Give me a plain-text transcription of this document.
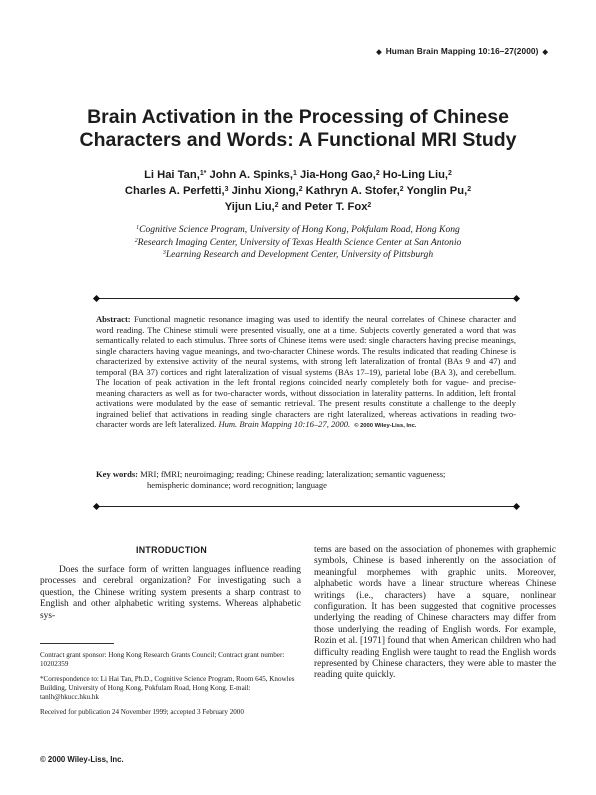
◆ Human Brain Mapping 10:16–27(2000) ◆
Brain Activation in the Processing of Chinese
Characters and Words: A Functional MRI Study
Li Hai Tan,$^{1*}$ John A. Spinks,$^1$ Jia-Hong Gao,$^2$ Ho-Ling Liu,$^2$
Charles A. Perfetti,$^3$ Jinhu Xiong,$^2$ Kathryn A. Stofer,$^2$ Yonglin Pu,$^2$
Yijun Liu,$^2$ and Peter T. Fox$^2$
$^1$Cognitive Science Program, University of Hong Kong, Pokfulam Road, Hong Kong
$^2$Research Imaging Center, University of Texas Health Science Center at San Antonio
$^3$Learning Research and Development Center, University of Pittsburgh
Abstract: Functional magnetic resonance imaging was used to identify the neural correlates of Chinese character and word reading. The Chinese stimuli were presented visually, one at a time. Subjects covertly generated a word that was semantically related to each stimulus. Three sorts of Chinese items were used: single characters having precise meanings, single characters having vague meanings, and two-character Chinese words. The results indicated that reading Chinese is characterized by extensive activity of the neural systems, with strong left lateralization of frontal (BAs 9 and 47) and temporal (BA 37) cortices and right lateralization of visual systems (BAs 17–19), parietal lobe (BA 3), and cerebellum. The location of peak activation in the left frontal regions coincided nearly completely both for vague- and precise-meaning characters as well as for two-character words, without dissociation in laterality patterns. In addition, left frontal activations were modulated by the ease of semantic retrieval. The present results constitute a challenge to the deeply ingrained belief that activations in reading single characters are right lateralized, whereas activations in reading two-character words are left lateralized. Hum. Brain Mapping 10:16–27, 2000. © 2000 Wiley-Liss, Inc.
Key words: MRI; fMRI; neuroimaging; reading; Chinese reading; lateralization; semantic vagueness;
hemispheric dominance; word recognition; language
INTRODUCTION

Does the surface form of written languages influence reading processes and cerebral organization? For investigating such a question, the Chinese writing system presents a sharp contrast to English and other alphabetic writing systems. Whereas alphabetic sys-

tems are based on the association of phonemes with graphemic symbols, Chinese is based inherently on the association of meaningful morphemes with graphic units. Moreover, alphabetic words have a linear structure whereas Chinese writings (i.e., characters) have a square, nonlinear configuration. It has been suggested that cognitive processes underlying the reading of Chinese characters may differ from those underlying the reading of English words. For example, Rozin et al. [1971] found that when American children who had difficulty reading English were taught to read the English words represented by Chinese characters, they were able to master the reading quite quickly.

Contract grant sponsor: Hong Kong Research Grants Council; Contract grant number: 10202359

*Correspondence to: Li Hai Tan, Ph.D., Cognitive Science Program, Room 645, Knowles Building, University of Hong Kong, Pokfulam Road, Hong Kong. E-mail: tanlh@hkucc.hku.hk

Received for publication 24 November 1999; accepted 3 February 2000

© 2000 Wiley-Liss, Inc.
